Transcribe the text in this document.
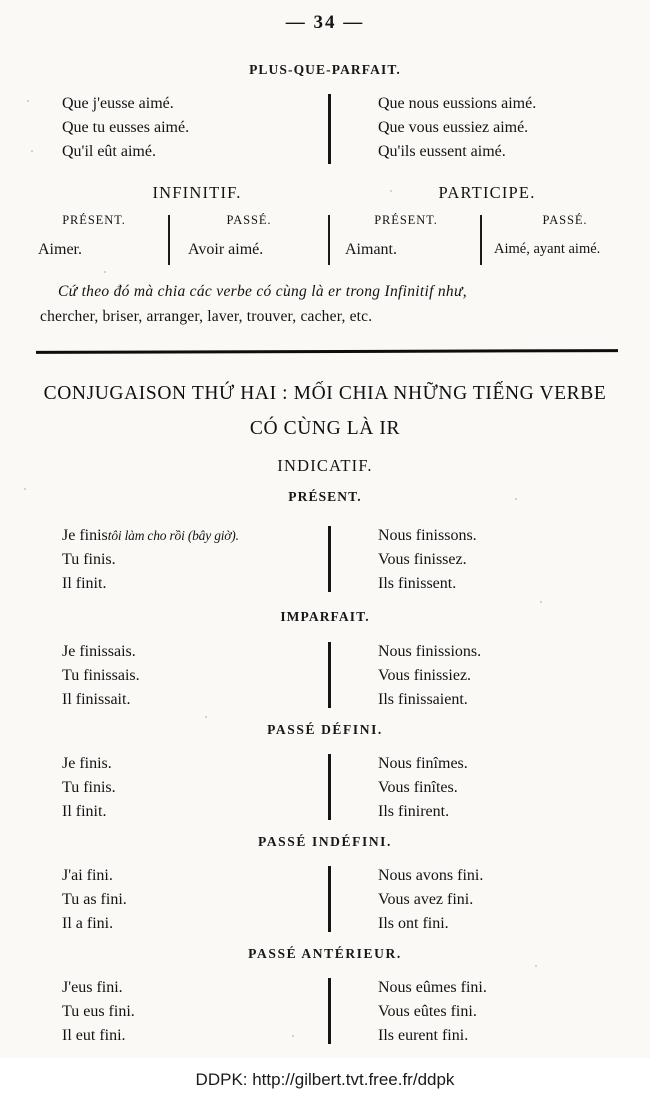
— 34 —
PLUS-QUE-PARFAIT.
Que j'eusse aimé.
Que tu eusses aimé.
Qu'il eût aimé.
Que nous eussions aimé.
Que vous eussiez aimé.
Qu'ils eussent aimé.
INFINITIF.	PARTICIPE.
PRÉSENT.
Aimer.
PASSÉ.
Avoir aimé.
PRÉSENT.
Aimant.
PASSÉ.
Aimé, ayant aimé.
Cứ theo đó mà chia các verbe có cùng là er trong Infinitif như,
chercher, briser, arranger, laver, trouver, cacher, etc.
CONJUGAISON THỨ HAI : MỐI CHIA NHỮNG TIẾNG VERBE
CÓ CÙNG LÀ IR
INDICATIF.
PRÉSENT.
Je finistôi làm cho rồi (bây giờ).
Tu finis.
Il finit.
Nous finissons.
Vous finissez.
Ils finissent.
IMPARFAIT.
Je finissais.
Tu finissais.
Il finissait.
Nous finissions.
Vous finissiez.
Ils finissaient.
PASSÉ DÉFINI.
Je finis.
Tu finis.
Il finit.
Nous finîmes.
Vous finîtes.
Ils finirent.
PASSÉ INDÉFINI.
J'ai fini.
Tu as fini.
Il a fini.
Nous avons fini.
Vous avez fini.
Ils ont fini.
PASSÉ ANTÉRIEUR.
J'eus fini.
Tu eus fini.
Il eut fini.
Nous eûmes fini.
Vous eûtes fini.
Ils eurent fini.
DDPK: http://gilbert.tvt.free.fr/ddpk
